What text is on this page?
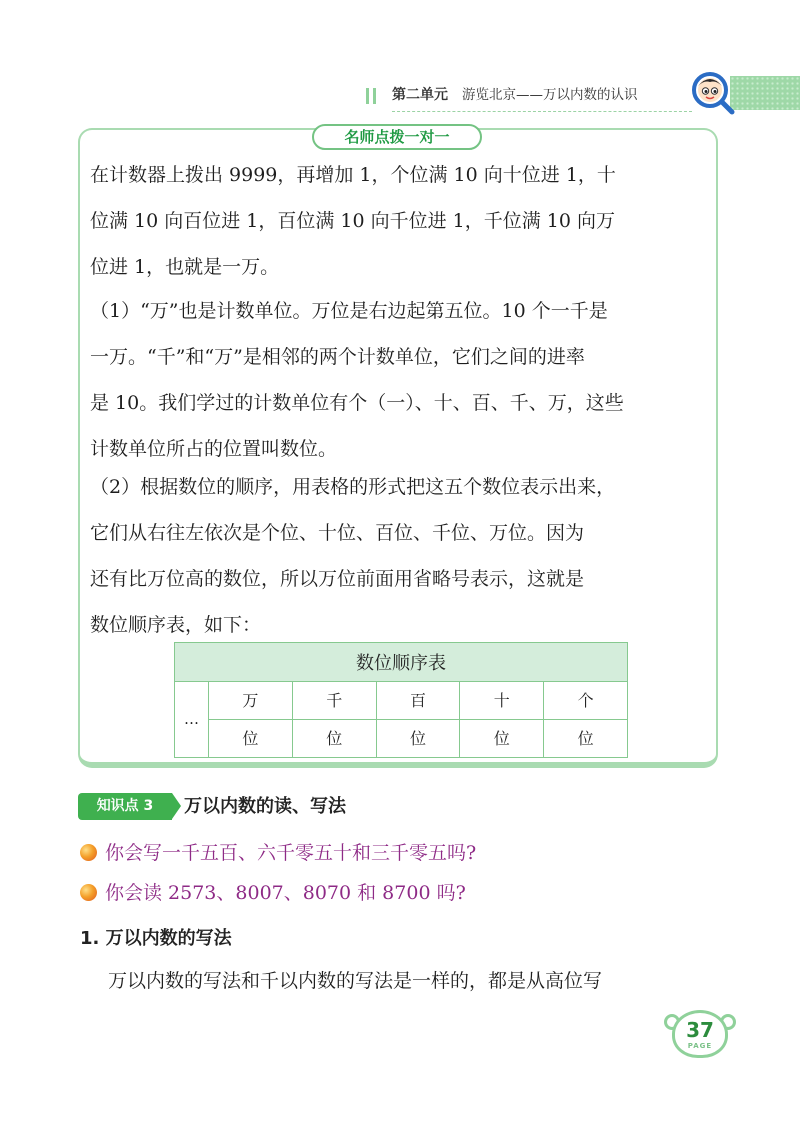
第二单元 游览北京——万以内数的认识
名师点拨一对一
在计数器上拨出 9999，再增加 1，个位满 10 向十位进 1，十
位满 10 向百位进 1，百位满 10 向千位进 1，千位满 10 向万
位进 1，也就是一万。
（1）“万”也是计数单位。万位是右边起第五位。10 个一千是
一万。“千”和“万”是相邻的两个计数单位，它们之间的进率
是 10。我们学过的计数单位有个（一）、十、百、千、万，这些
计数单位所占的位置叫数位。
（2）根据数位的顺序，用表格的形式把这五个数位表示出来，
它们从右往左依次是个位、十位、百位、千位、万位。因为
还有比万位高的数位，所以万位前面用省略号表示，这就是
数位顺序表，如下：
数位顺序表					
…	万	千	百	十	个
	位	位	位	位	位
知识点 3	万以内数的读、写法
你会写一千五百、六千零五十和三千零五吗?
你会读 2573、8007、8070 和 8700 吗?
1. 万以内数的写法
万以内数的写法和千以内数的写法是一样的，都是从高位写
37
PAGE
